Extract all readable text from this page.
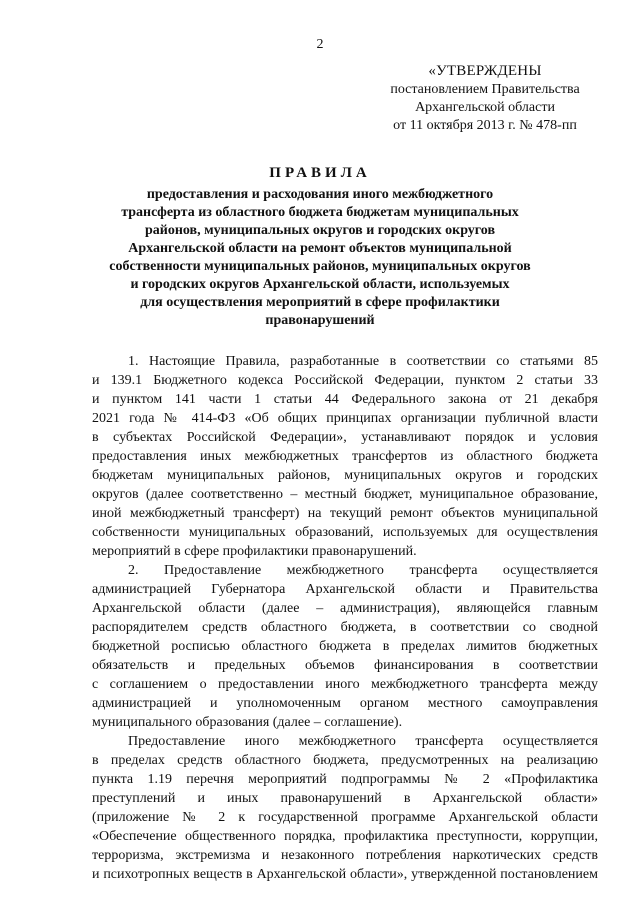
2
«УТВЕРЖДЕНЫ
постановлением Правительства
Архангельской области
от 11 октября 2013 г. № 478-пп
ПРАВИЛА
предоставления и расходования иного межбюджетного
трансферта из областного бюджета бюджетам муниципальных
районов, муниципальных округов и городских округов
Архангельской области на ремонт объектов муниципальной
собственности муниципальных районов, муниципальных округов
и городских округов Архангельской области, используемых
для осуществления мероприятий в сфере профилактики
правонарушений

1. Настоящие Правила, разработанные в соответствии со статьями 85

и 139.1 Бюджетного кодекса Российской Федерации, пунктом 2 статьи 33

и пунктом 141 части 1 статьи 44 Федерального закона от 21 декабря

2021 года № 414-ФЗ «Об общих принципах организации публичной власти

в субъектах Российской Федерации», устанавливают порядок и условия

предоставления иных межбюджетных трансфертов из областного бюджета

бюджетам муниципальных районов, муниципальных округов и городских

округов (далее соответственно – местный бюджет, муниципальное образование,

иной межбюджетный трансферт) на текущий ремонт объектов муниципальной

собственности муниципальных образований, используемых для осуществления

мероприятий в сфере профилактики правонарушений.

2. Предоставление межбюджетного трансферта осуществляется

администрацией Губернатора Архангельской области и Правительства

Архангельской области (далее – администрация), являющейся главным

распорядителем средств областного бюджета, в соответствии со сводной

бюджетной росписью областного бюджета в пределах лимитов бюджетных

обязательств и предельных объемов финансирования в соответствии

с соглашением о предоставлении иного межбюджетного трансферта между

администрацией и уполномоченным органом местного самоуправления

муниципального образования (далее – соглашение).

Предоставление иного межбюджетного трансферта осуществляется

в пределах средств областного бюджета, предусмотренных на реализацию

пункта 1.19 перечня мероприятий подпрограммы № 2 «Профилактика

преступлений и иных правонарушений в Архангельской области»

(приложение № 2 к государственной программе Архангельской области

«Обеспечение общественного порядка, профилактика преступности, коррупции,

терроризма, экстремизма и незаконного потребления наркотических средств

и психотропных веществ в Архангельской области», утвержденной постановлением
